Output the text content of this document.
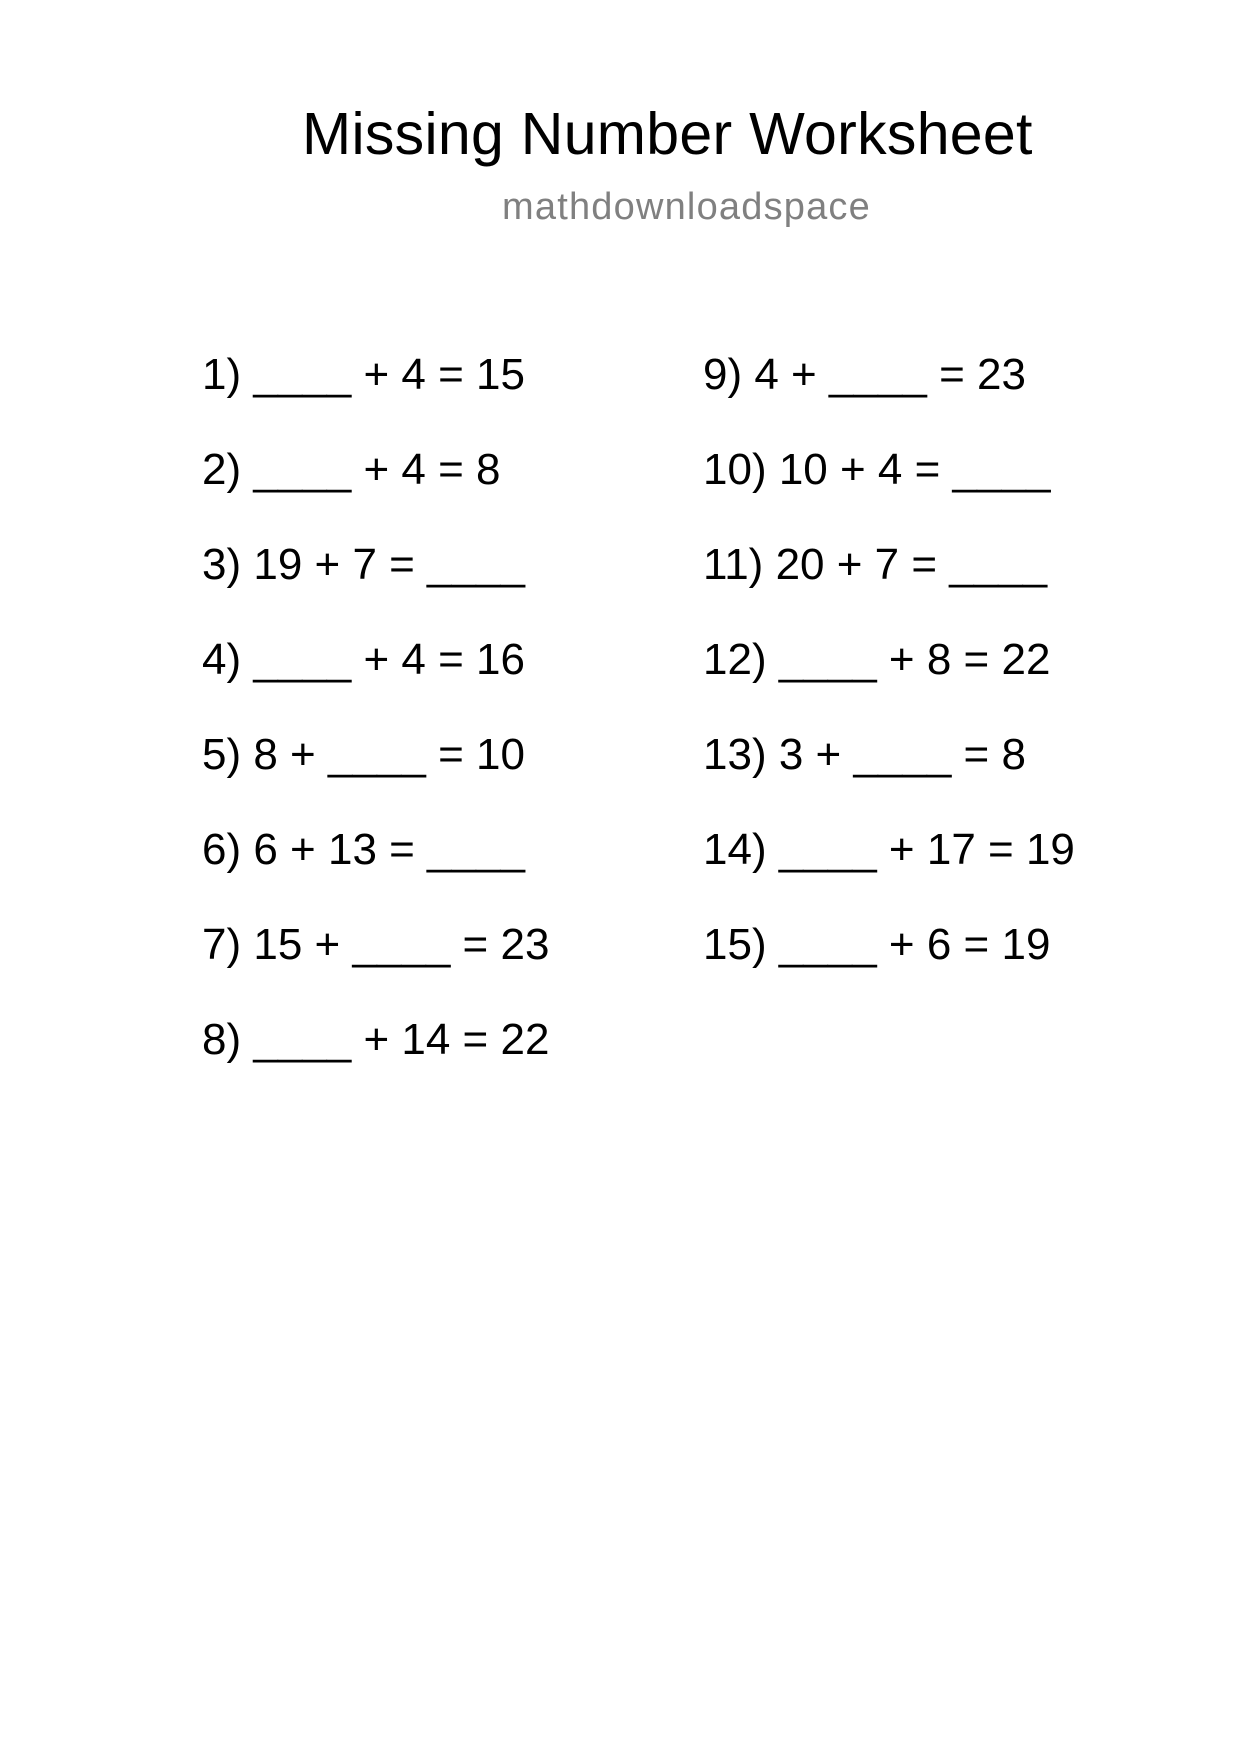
Missing Number Worksheet
mathdownloadspace
1) ____ + 4 = 15
2) ____ + 4 = 8
3) 19 + 7 = ____
4) ____ + 4 = 16
5) 8 + ____ = 10
6) 6 + 13 = ____
7) 15 + ____ = 23
8) ____ + 14 = 22
9) 4 + ____ = 23
10) 10 + 4 = ____
11) 20 + 7 = ____
12) ____ + 8 = 22
13) 3 + ____ = 8
14) ____ + 17 = 19
15) ____ + 6 = 19
